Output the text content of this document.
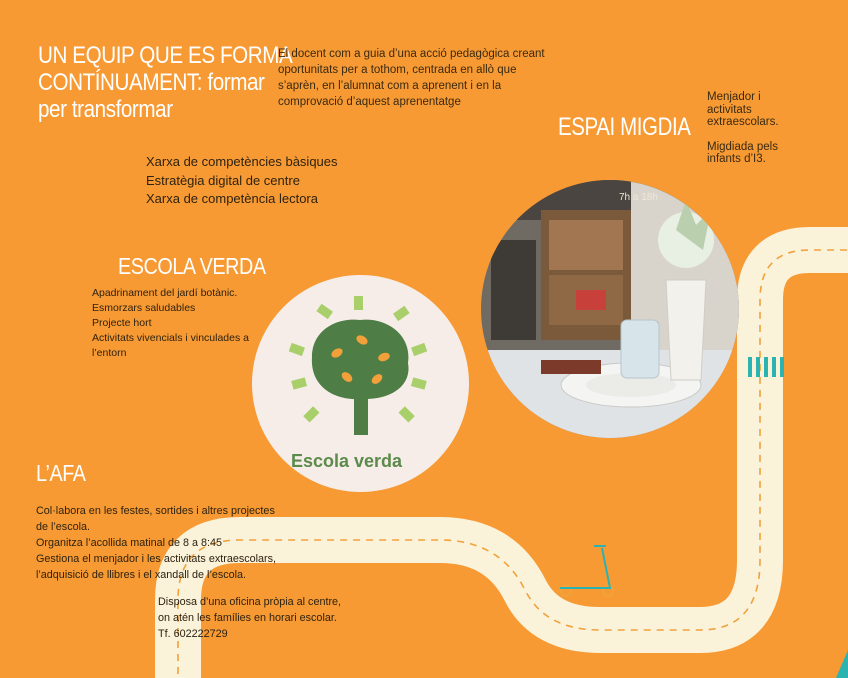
UN EQUIP QUE ES FORMA
CONTÍNUAMENT: formar
per transformar
El docent com a guia d’una acció pedagògica creant
oportunitats per a tothom, centrada en allò que
s’aprèn, en l’alumnat com a aprenent i en la
comprovació d’aquest aprenentatge
Xarxa de competències bàsiques
Estratègia digital de centre
Xarxa de competència lectora
ESPAI MIGDIA
Menjador i
activitats
extraescolars.
Migdiada pels
infants d’I3.
7h a 18h
ESCOLA VERDA
Apadrinament del jardí botànic.
Esmorzars saludables
Projecte hort
Activitats vivencials i vinculades a
l’entorn
Escola verda
L’AFA
Col·labora en les festes, sortides i altres projectes
de l’escola.
Organitza l’acollida matinal de 8 a 8:45
Gestiona el menjador i les activitats extraescolars,
l’adquisició de llibres i el xandall de l’escola.
Disposa d’una oficina pròpia al centre,
on atén les famílies en horari escolar.
Tf. 602222729
